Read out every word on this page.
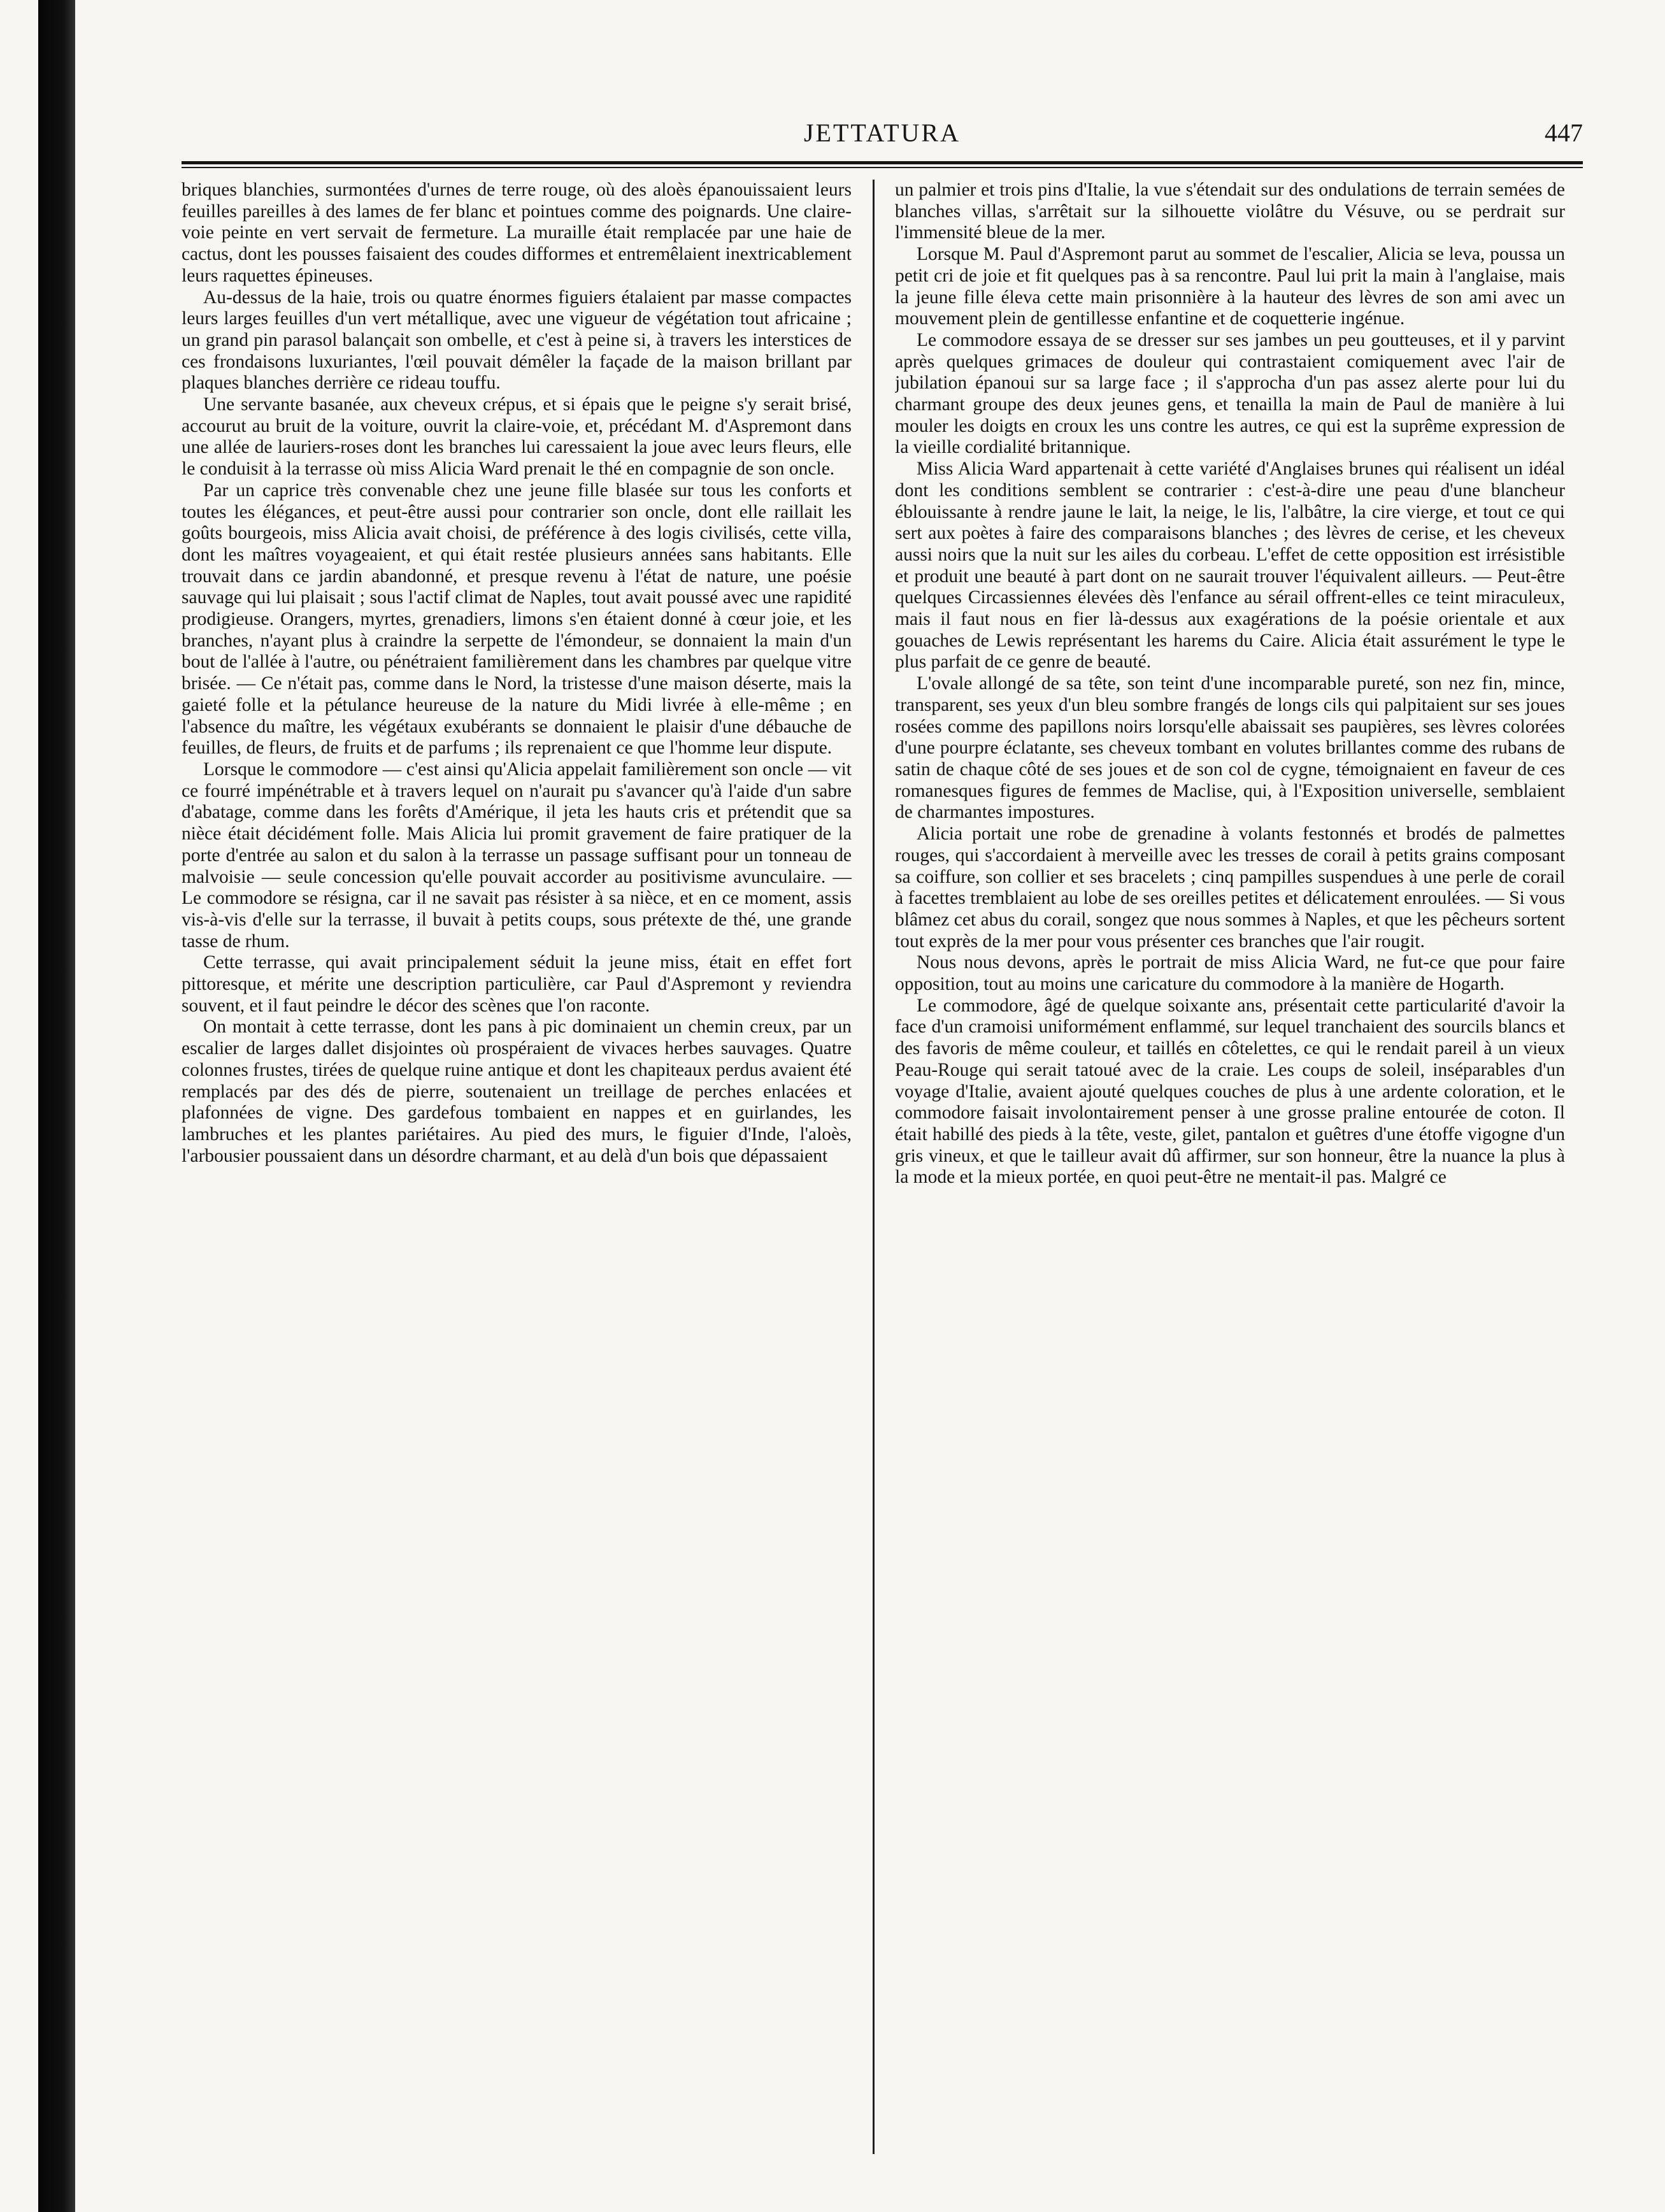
JETTATURA	447

briques blanchies, surmontées d'urnes de terre rouge, où des aloès épanouissaient leurs feuilles pareilles à des lames de fer blanc et pointues comme des poignards. Une claire-voie peinte en vert servait de fermeture. La muraille était remplacée par une haie de cactus, dont les pousses faisaient des coudes difformes et entremêlaient inextricablement leurs raquettes épineuses.

Au-dessus de la haie, trois ou quatre énormes figuiers étalaient par masse compactes leurs larges feuilles d'un vert métallique, avec une vigueur de végétation tout africaine ; un grand pin parasol balançait son ombelle, et c'est à peine si, à travers les interstices de ces frondaisons luxuriantes, l'œil pouvait démêler la façade de la maison brillant par plaques blanches derrière ce rideau touffu.

Une servante basanée, aux cheveux crépus, et si épais que le peigne s'y serait brisé, accourut au bruit de la voiture, ouvrit la claire-voie, et, précédant M. d'Aspremont dans une allée de lauriers-roses dont les branches lui caressaient la joue avec leurs fleurs, elle le conduisit à la terrasse où miss Alicia Ward prenait le thé en compagnie de son oncle.

Par un caprice très convenable chez une jeune fille blasée sur tous les conforts et toutes les élégances, et peut-être aussi pour contrarier son oncle, dont elle raillait les goûts bourgeois, miss Alicia avait choisi, de préférence à des logis civilisés, cette villa, dont les maîtres voyageaient, et qui était restée plusieurs années sans habitants. Elle trouvait dans ce jardin abandonné, et presque revenu à l'état de nature, une poésie sauvage qui lui plaisait ; sous l'actif climat de Naples, tout avait poussé avec une rapidité prodigieuse. Orangers, myrtes, grenadiers, limons s'en étaient donné à cœur joie, et les branches, n'ayant plus à craindre la serpette de l'émondeur, se donnaient la main d'un bout de l'allée à l'autre, ou pénétraient familièrement dans les chambres par quelque vitre brisée. — Ce n'était pas, comme dans le Nord, la tristesse d'une maison déserte, mais la gaieté folle et la pétulance heureuse de la nature du Midi livrée à elle-même ; en l'absence du maître, les végétaux exubérants se donnaient le plaisir d'une débauche de feuilles, de fleurs, de fruits et de parfums ; ils reprenaient ce que l'homme leur dispute.

Lorsque le commodore — c'est ainsi qu'Alicia appelait familièrement son oncle — vit ce fourré impénétrable et à travers lequel on n'aurait pu s'avancer qu'à l'aide d'un sabre d'abatage, comme dans les forêts d'Amérique, il jeta les hauts cris et prétendit que sa nièce était décidément folle. Mais Alicia lui promit gravement de faire pratiquer de la porte d'entrée au salon et du salon à la terrasse un passage suffisant pour un tonneau de malvoisie — seule concession qu'elle pouvait accorder au positivisme avunculaire. — Le commodore se résigna, car il ne savait pas résister à sa nièce, et en ce moment, assis vis-à-vis d'elle sur la terrasse, il buvait à petits coups, sous prétexte de thé, une grande tasse de rhum.

Cette terrasse, qui avait principalement séduit la jeune miss, était en effet fort pittoresque, et mérite une description particulière, car Paul d'Aspremont y reviendra souvent, et il faut peindre le décor des scènes que l'on raconte.

On montait à cette terrasse, dont les pans à pic dominaient un chemin creux, par un escalier de larges dallet disjointes où prospéraient de vivaces herbes sauvages. Quatre colonnes frustes, tirées de quelque ruine antique et dont les chapiteaux perdus avaient été remplacés par des dés de pierre, soutenaient un treillage de perches enlacées et plafonnées de vigne. Des gardefous tombaient en nappes et en guirlandes, les lambruches et les plantes pariétaires. Au pied des murs, le figuier d'Inde, l'aloès, l'arbousier poussaient dans un désordre charmant, et au delà d'un bois que dépassaient

un palmier et trois pins d'Italie, la vue s'étendait sur des ondulations de terrain semées de blanches villas, s'arrêtait sur la silhouette violâtre du Vésuve, ou se perdrait sur l'immensité bleue de la mer.

Lorsque M. Paul d'Aspremont parut au sommet de l'escalier, Alicia se leva, poussa un petit cri de joie et fit quelques pas à sa rencontre. Paul lui prit la main à l'anglaise, mais la jeune fille éleva cette main prisonnière à la hauteur des lèvres de son ami avec un mouvement plein de gentillesse enfantine et de coquetterie ingénue.

Le commodore essaya de se dresser sur ses jambes un peu goutteuses, et il y parvint après quelques grimaces de douleur qui contrastaient comiquement avec l'air de jubilation épanoui sur sa large face ; il s'approcha d'un pas assez alerte pour lui du charmant groupe des deux jeunes gens, et tenailla la main de Paul de manière à lui mouler les doigts en croux les uns contre les autres, ce qui est la suprême expression de la vieille cordialité britannique.

Miss Alicia Ward appartenait à cette variété d'Anglaises brunes qui réalisent un idéal dont les conditions semblent se contrarier : c'est-à-dire une peau d'une blancheur éblouissante à rendre jaune le lait, la neige, le lis, l'albâtre, la cire vierge, et tout ce qui sert aux poètes à faire des comparaisons blanches ; des lèvres de cerise, et les cheveux aussi noirs que la nuit sur les ailes du corbeau. L'effet de cette opposition est irrésistible et produit une beauté à part dont on ne saurait trouver l'équivalent ailleurs. — Peut-être quelques Circassiennes élevées dès l'enfance au sérail offrent-elles ce teint miraculeux, mais il faut nous en fier là-dessus aux exagérations de la poésie orientale et aux gouaches de Lewis représentant les harems du Caire. Alicia était assurément le type le plus parfait de ce genre de beauté.

L'ovale allongé de sa tête, son teint d'une incomparable pureté, son nez fin, mince, transparent, ses yeux d'un bleu sombre frangés de longs cils qui palpitaient sur ses joues rosées comme des papillons noirs lorsqu'elle abaissait ses paupières, ses lèvres colorées d'une pourpre éclatante, ses cheveux tombant en volutes brillantes comme des rubans de satin de chaque côté de ses joues et de son col de cygne, témoignaient en faveur de ces romanesques figures de femmes de Maclise, qui, à l'Exposition universelle, semblaient de charmantes impostures.

Alicia portait une robe de grenadine à volants festonnés et brodés de palmettes rouges, qui s'accordaient à merveille avec les tresses de corail à petits grains composant sa coiffure, son collier et ses bracelets ; cinq pampilles suspendues à une perle de corail à facettes tremblaient au lobe de ses oreilles petites et délicatement enroulées. — Si vous blâmez cet abus du corail, songez que nous sommes à Naples, et que les pêcheurs sortent tout exprès de la mer pour vous présenter ces branches que l'air rougit.

Nous nous devons, après le portrait de miss Alicia Ward, ne fut-ce que pour faire opposition, tout au moins une caricature du commodore à la manière de Hogarth.

Le commodore, âgé de quelque soixante ans, présentait cette particularité d'avoir la face d'un cramoisi uniformément enflammé, sur lequel tranchaient des sourcils blancs et des favoris de même couleur, et taillés en côtelettes, ce qui le rendait pareil à un vieux Peau-Rouge qui serait tatoué avec de la craie. Les coups de soleil, inséparables d'un voyage d'Italie, avaient ajouté quelques couches de plus à une ardente coloration, et le commodore faisait involontairement penser à une grosse praline entourée de coton. Il était habillé des pieds à la tête, veste, gilet, pantalon et guêtres d'une étoffe vigogne d'un gris vineux, et que le tailleur avait dû affirmer, sur son honneur, être la nuance la plus à la mode et la mieux portée, en quoi peut-être ne mentait-il pas. Malgré ce
